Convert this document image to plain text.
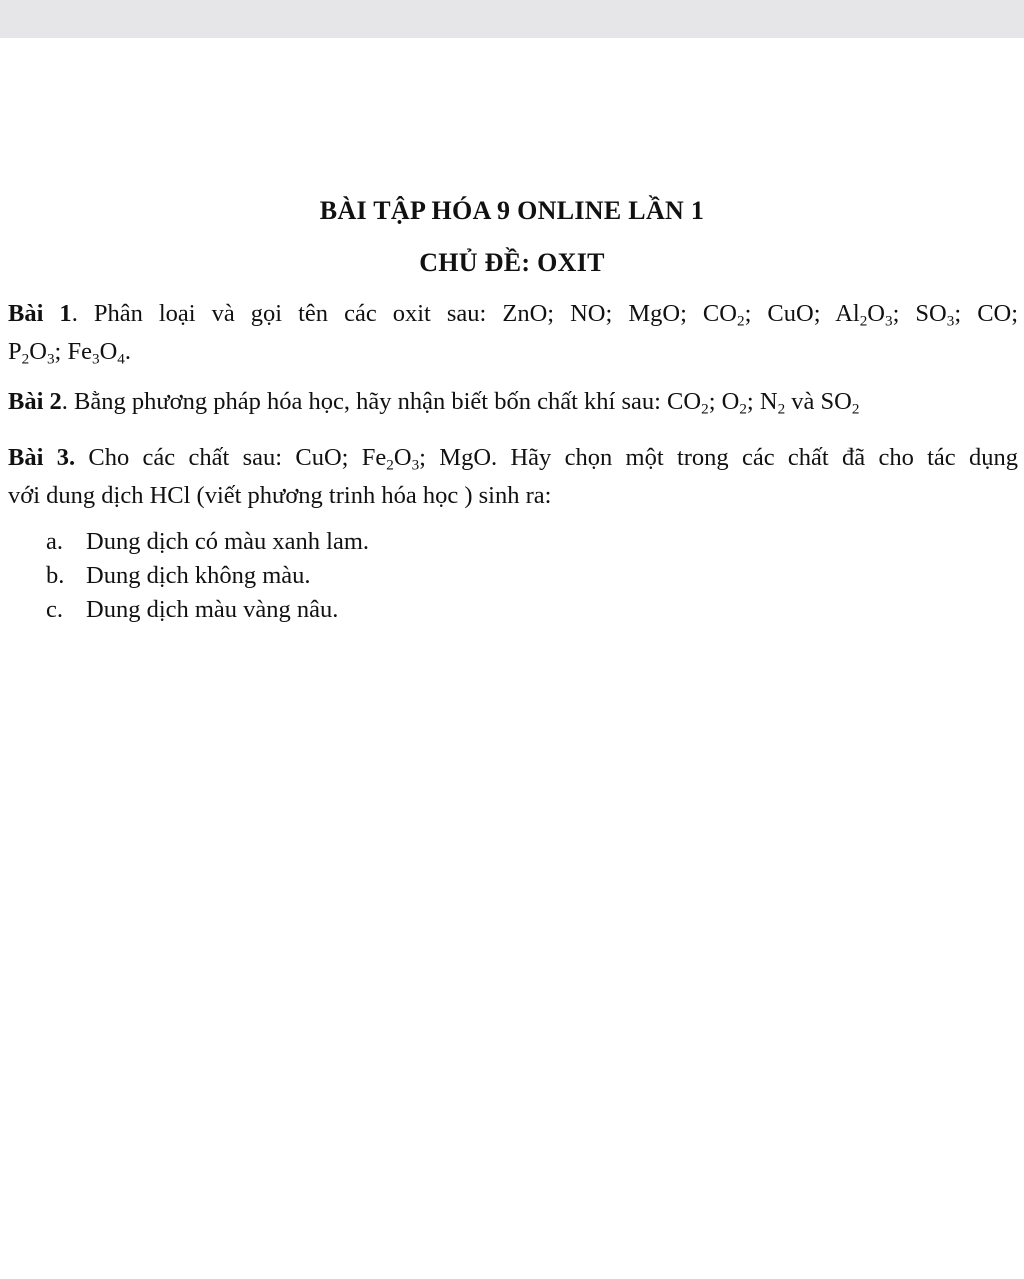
BÀI TẬP HÓA 9 ONLINE LẦN 1
CHỦ ĐỀ: OXIT
Bài 1. Phân loại và gọi tên các oxit sau: ZnO; NO; MgO; $CO_2$; CuO; $Al_2O_3$; $SO_3$; CO;
$P_2O_3$; $Fe_3O_4$.
Bài 2. Bằng phương pháp hóa học, hãy nhận biết bốn chất khí sau: $CO_2$; $O_2$; $N_2$ và $SO_2$
Bài 3. Cho các chất sau: CuO; $Fe_2O_3$; MgO. Hãy chọn một trong các chất đã cho tác dụng
với dung dịch HCl (viết phương trinh hóa học ) sinh ra:
a. Dung dịch có màu xanh lam.
b. Dung dịch không màu.
c. Dung dịch màu vàng nâu.
